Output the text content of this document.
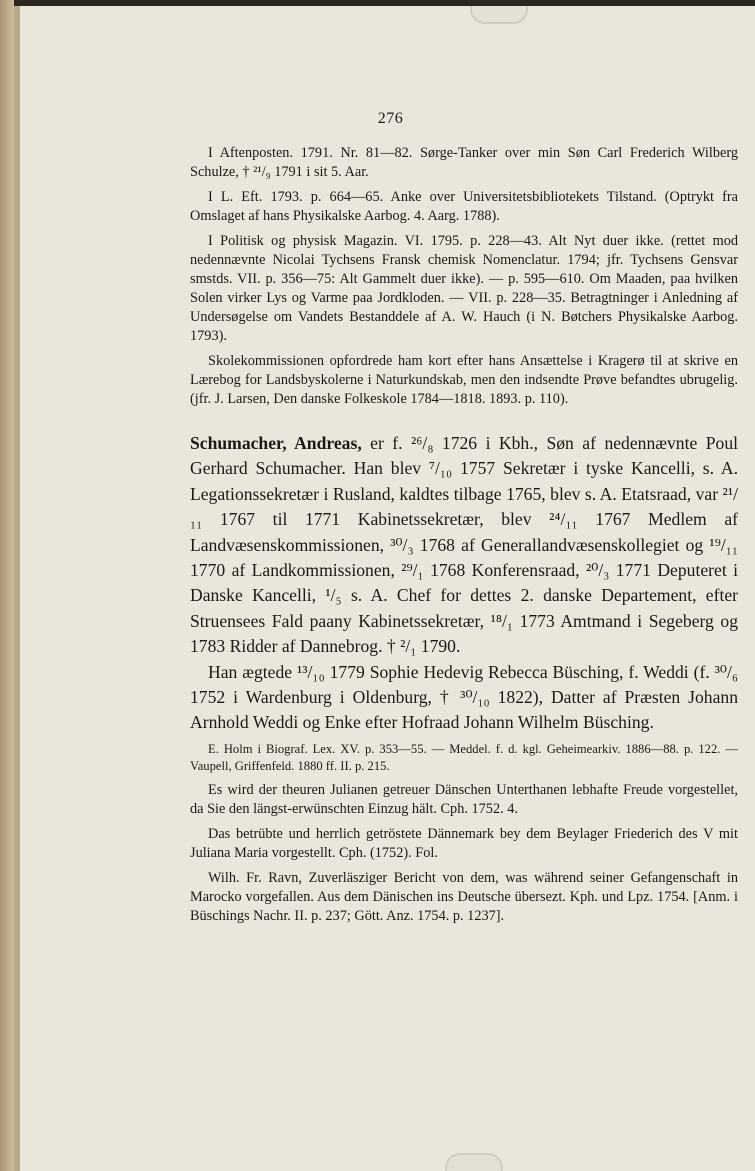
276

I Aftenposten. 1791. Nr. 81—82. Sørge-Tanker over min Søn Carl Frederich Wilberg Schulze, † ²¹/₉ 1791 i sit 5. Aar.

I L. Eft. 1793. p. 664—65. Anke over Universitetsbibliotekets Tilstand. (Optrykt fra Omslaget af hans Physikalske Aarbog. 4. Aarg. 1788).

I Politisk og physisk Magazin. VI. 1795. p. 228—43. Alt Nyt duer ikke. (rettet mod nedennævnte Nicolai Tychsens Fransk chemisk Nomenclatur. 1794; jfr. Tychsens Gensvar smstds. VII. p. 356—75: Alt Gammelt duer ikke). — p. 595—610. Om Maaden, paa hvilken Solen virker Lys og Varme paa Jordkloden. — VII. p. 228—35. Betragtninger i Anledning af Undersøgelse om Vandets Bestanddele af A. W. Hauch (i N. Bøtchers Physikalske Aarbog. 1793).

Skolekommissionen opfordrede ham kort efter hans Ansættelse i Kragerø til at skrive en Lærebog for Landsbyskolerne i Naturkundskab, men den indsendte Prøve befandtes ubrugelig. (jfr. J. Larsen, Den danske Folkeskole 1784—1818. 1893. p. 110).

Schumacher, Andreas, er f. ²⁶/₈ 1726 i Kbh., Søn af nedennævnte Poul Gerhard Schumacher. Han blev ⁷/₁₀ 1757 Sekretær i tyske Kancelli, s. A. Legationssekretær i Rusland, kaldtes tilbage 1765, blev s. A. Etatsraad, var ²¹/₁₁ 1767 til 1771 Kabinetssekretær, blev ²⁴/₁₁ 1767 Medlem af Landvæsenskommissionen, ³⁰/₃ 1768 af Generallandvæsenskollegiet og ¹⁹/₁₁ 1770 af Landkommissionen, ²⁹/₁ 1768 Konferensraad, ²⁰/₃ 1771 Deputeret i Danske Kancelli, ¹/₅ s. A. Chef for dettes 2. danske Departement, efter Struensees Fald paany Kabinetssekretær, ¹⁸/₁ 1773 Amtmand i Segeberg og 1783 Ridder af Dannebrog. † ²/₁ 1790.

Han ægtede ¹³/₁₀ 1779 Sophie Hedevig Rebecca Büsching, f. Weddi (f. ³⁰/₆ 1752 i Wardenburg i Oldenburg, † ³⁰/₁₀ 1822), Datter af Præsten Johann Arnhold Weddi og Enke efter Hofraad Johann Wilhelm Büsching.

E. Holm i Biograf. Lex. XV. p. 353—55. — Meddel. f. d. kgl. Geheimearkiv. 1886—88. p. 122. — Vaupell, Griffenfeld. 1880 ff. II. p. 215.

Es wird der theuren Julianen getreuer Dänschen Unterthanen lebhafte Freude vorgestellet, da Sie den längst-erwünschten Einzug hält. Cph. 1752. 4.

Das betrübte und herrlich getröstete Dännemark bey dem Beylager Friederich des V mit Juliana Maria vorgestellt. Cph. (1752). Fol.

Wilh. Fr. Ravn, Zuverläsziger Bericht von dem, was während seiner Gefangenschaft in Marocko vorgefallen. Aus dem Dänischen ins Deutsche übersezt. Kph. und Lpz. 1754. [Anm. i Büschings Nachr. II. p. 237; Gött. Anz. 1754. p. 1237].
